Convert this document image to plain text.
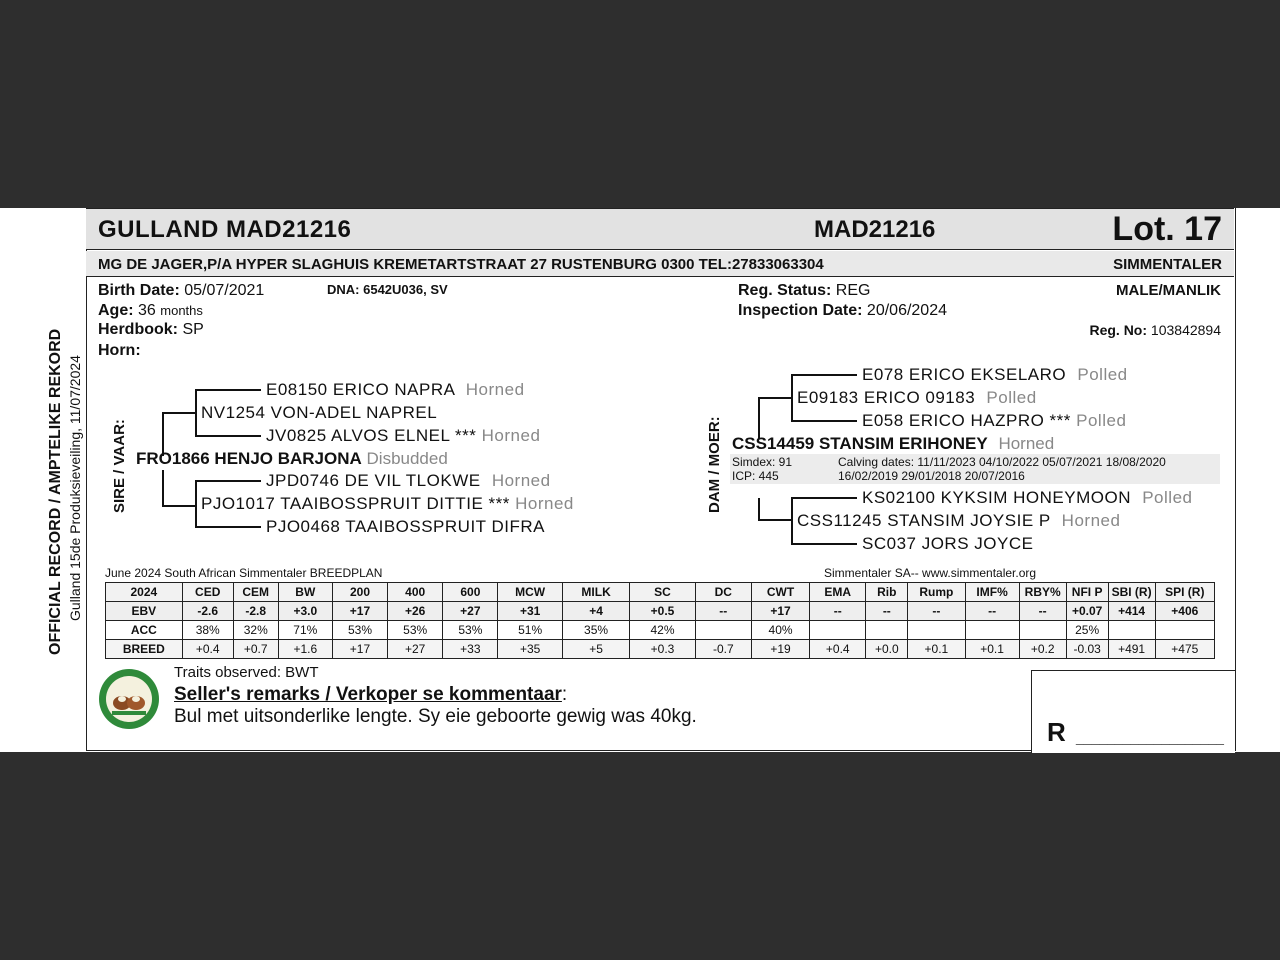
OFFICIAL RECORD / AMPTELIKE REKORD Gulland 15de Produksieveiling, 11/07/2024
GULLAND MAD21216	MAD21216	Lot. 17
MG DE JAGER,P/A HYPER SLAGHUIS KREMETARTSTRAAT 27 RUSTENBURG 0300 TEL:27833063304	SIMMENTALER
Birth Date: 05/07/2021	DNA: 6542U036, SV
Age: 36 months
Herdbook: SP
Horn:
Reg. Status: REG
Inspection Date: 20/06/2024
MALE/MANLIK
Reg. No: 103842894
SIRE / VAAR:
E08150 ERICO NAPRA Horned
NV1254 VON-ADEL NAPREL
JV0825 ALVOS ELNEL *** Horned
FRO1866 HENJO BARJONA Disbudded
JPD0746 DE VIL TLOKWE Horned
PJO1017 TAAIBOSSPRUIT DITTIE *** Horned
PJO0468 TAAIBOSSPRUIT DIFRA
DAM / MOER:
E078 ERICO EKSELARO Polled
E09183 ERICO 09183 Polled
E058 ERICO HAZPRO *** Polled
CSS14459 STANSIM ERIHONEY Horned
Simdex: 91
ICP: 445
Calving dates: 11/11/2023 04/10/2022 05/07/2021 18/08/2020
16/02/2019 29/01/2018 20/07/2016
KS02100 KYKSIM HONEYMOON Polled
CSS11245 STANSIM JOYSIE P Horned
SC037 JORS JOYCE
June 2024 South African Simmentaler BREEDPLAN	Simmentaler SA-- www.simmentaler.org
2024	CED	CEM	BW	200	400	600	MCW	MILK	SC	DC	CWT	EMA	Rib	Rump	IMF%	RBY%	NFI P	SBI (R)	SPI (R)
EBV	-2.6	-2.8	+3.0	+17	+26	+27	+31	+4	+0.5	--	+17	--	--	--	--	--	+0.07	+414	+406
ACC	38%	32%	71%	53%	53%	53%	51%	35%	42%		40%						25%		
BREED	+0.4	+0.7	+1.6	+17	+27	+33	+35	+5	+0.3	-0.7	+19	+0.4	+0.0	+0.1	+0.1	+0.2	-0.03	+491	+475
Traits observed: BWT
Seller's remarks / Verkoper se kommentaar:
Bul met uitsonderlike lengte. Sy eie geboorte gewig was 40kg.
R ___________________
